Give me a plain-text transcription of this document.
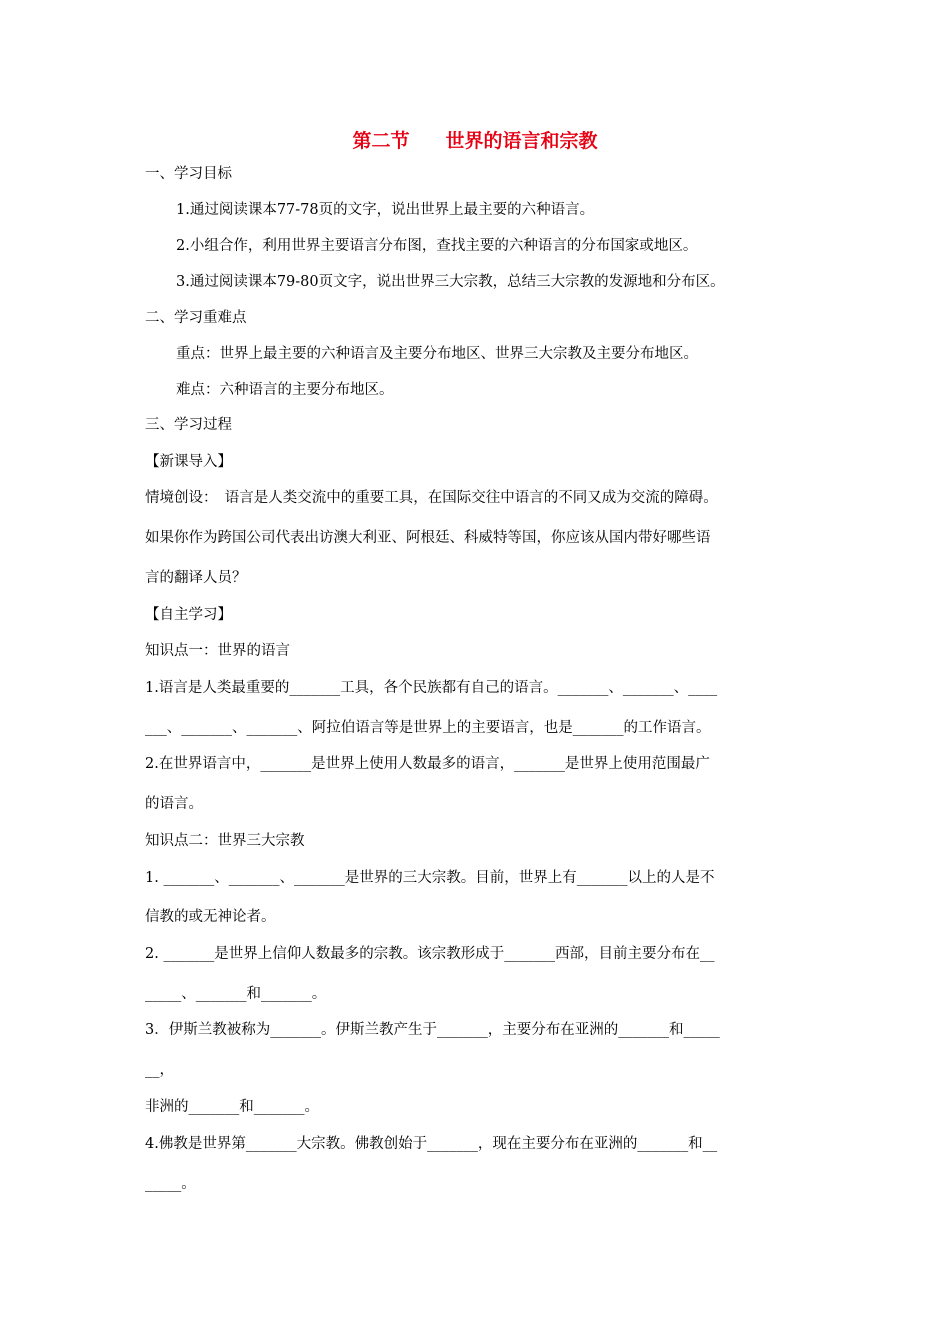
第二节 世界的语言和宗教
一、学习目标
1.通过阅读课本77-78页的文字，说出世界上最主要的六种语言。
2.小组合作，利用世界主要语言分布图，查找主要的六种语言的分布国家或地区。
3.通过阅读课本79-80页文字，说出世界三大宗教，总结三大宗教的发源地和分布区。
二、学习重难点
重点：世界上最主要的六种语言及主要分布地区、世界三大宗教及主要分布地区。
难点：六种语言的主要分布地区。
三、学习过程
【新课导入】
情境创设：　语言是人类交流中的重要工具，在国际交往中语言的不同又成为交流的障碍。
如果你作为跨国公司代表出访澳大利亚、阿根廷、科威特等国，你应该从国内带好哪些语
言的翻译人员？
【自主学习】
知识点一：世界的语言
1.语言是人类最重要的_______工具，各个民族都有自己的语言。_______、_______、____
___、_______、_______、阿拉伯语言等是世界上的主要语言，也是_______的工作语言。
2.在世界语言中，_______是世界上使用人数最多的语言，_______是世界上使用范围最广
的语言。
知识点二：世界三大宗教
1. _______、_______、_______是世界的三大宗教。目前，世界上有_______以上的人是不
信教的或无神论者。
2. _______是世界上信仰人数最多的宗教。该宗教形成于_______西部，目前主要分布在__
_____、_______和_______。
3．伊斯兰教被称为_______。伊斯兰教产生于_______，主要分布在亚洲的_______和_____
__，
非洲的_______和_______。
4.佛教是世界第_______大宗教。佛教创始于_______，现在主要分布在亚洲的_______和__
_____。
